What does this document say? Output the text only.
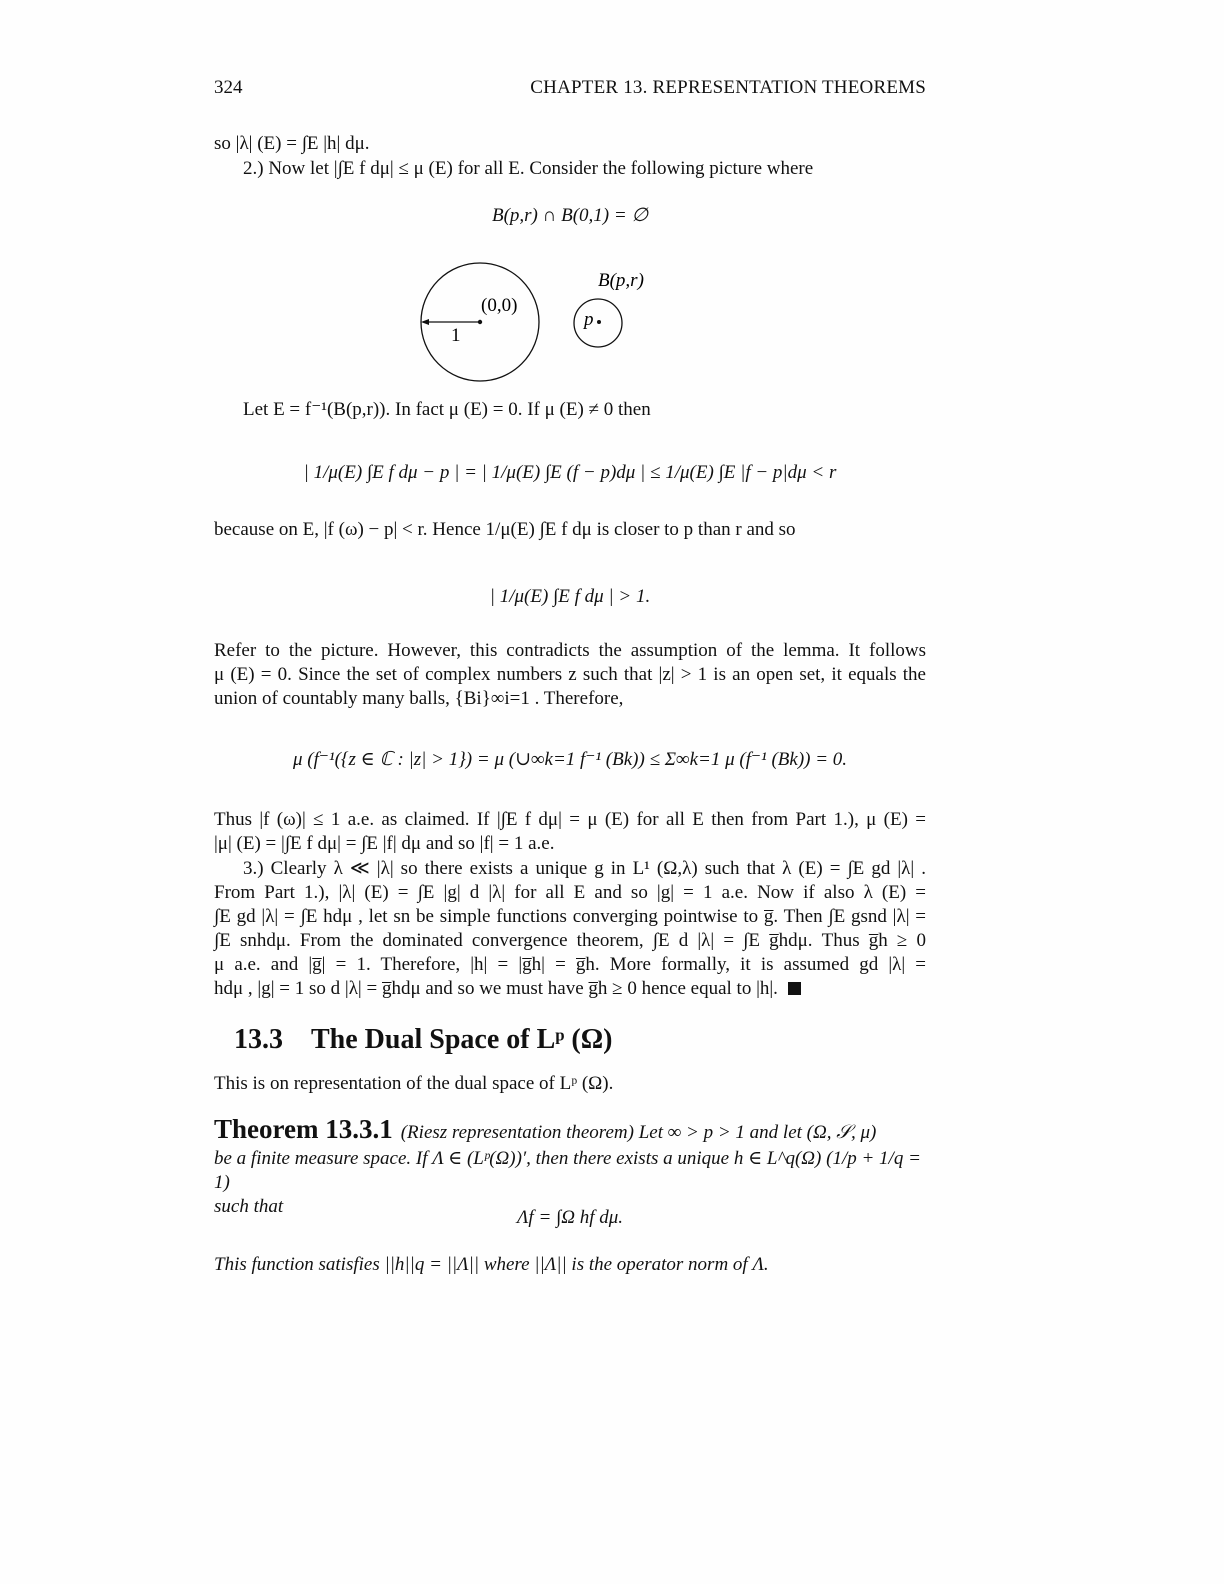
324	CHAPTER 13. REPRESENTATION THEOREMS
so |λ| (E) = ∫E |h| dμ.
2.) Now let |∫E f dμ| ≤ μ (E) for all E. Consider the following picture where
B(p,r) ∩ B(0,1) = ∅
(0,0)
1
p
B(p,r)
Let E = f⁻¹(B(p,r)). In fact μ (E) = 0. If μ (E) ≠ 0 then
| 1/μ(E) ∫E f dμ − p | = | 1/μ(E) ∫E (f − p)dμ | ≤ 1/μ(E) ∫E |f − p|dμ < r
because on E, |f (ω) − p| < r. Hence 1/μ(E) ∫E f dμ is closer to p than r and so
| 1/μ(E) ∫E f dμ | > 1.
Refer to the picture. However, this contradicts the assumption of the lemma. It follows
μ (E) = 0. Since the set of complex numbers z such that |z| > 1 is an open set, it equals the
union of countably many balls, {Bi}∞i=1 . Therefore,
μ (f⁻¹({z ∈ ℂ : |z| > 1}) = μ (∪∞k=1 f⁻¹ (Bk)) ≤ Σ∞k=1 μ (f⁻¹ (Bk)) = 0.
Thus |f (ω)| ≤ 1 a.e. as claimed. If |∫E f dμ| = μ (E) for all E then from Part 1.), μ (E) =
|μ| (E) = |∫E f dμ| = ∫E |f| dμ and so |f| = 1 a.e.
3.) Clearly λ ≪ |λ| so there exists a unique g in L¹ (Ω,λ) such that λ (E) = ∫E gd |λ| .
From Part 1.), |λ| (E) = ∫E |g| d |λ| for all E and so |g| = 1 a.e. Now if also λ (E) =
∫E gd |λ| = ∫E hdμ , let sn be simple functions converging pointwise to g̅. Then ∫E gsnd |λ| =
∫E snhdμ. From the dominated convergence theorem, ∫E d |λ| = ∫E g̅hdμ. Thus g̅h ≥ 0
μ a.e. and |g̅| = 1. Therefore, |h| = |g̅h| = g̅h. More formally, it is assumed gd |λ| =
hdμ , |g| = 1 so d |λ| = g̅hdμ and so we must have g̅h ≥ 0 hence equal to |h|.
13.3 The Dual Space of Lᵖ (Ω)
This is on representation of the dual space of Lᵖ (Ω).
Theorem 13.3.1 (Riesz representation theorem) Let ∞ > p > 1 and let (Ω, 𝒮, μ)
be a finite measure space. If Λ ∈ (Lᵖ(Ω))′, then there exists a unique h ∈ L^q(Ω) (1/p + 1/q = 1)
such that
Λf = ∫Ω hf dμ.
This function satisfies ||h||q = ||Λ|| where ||Λ|| is the operator norm of Λ.
